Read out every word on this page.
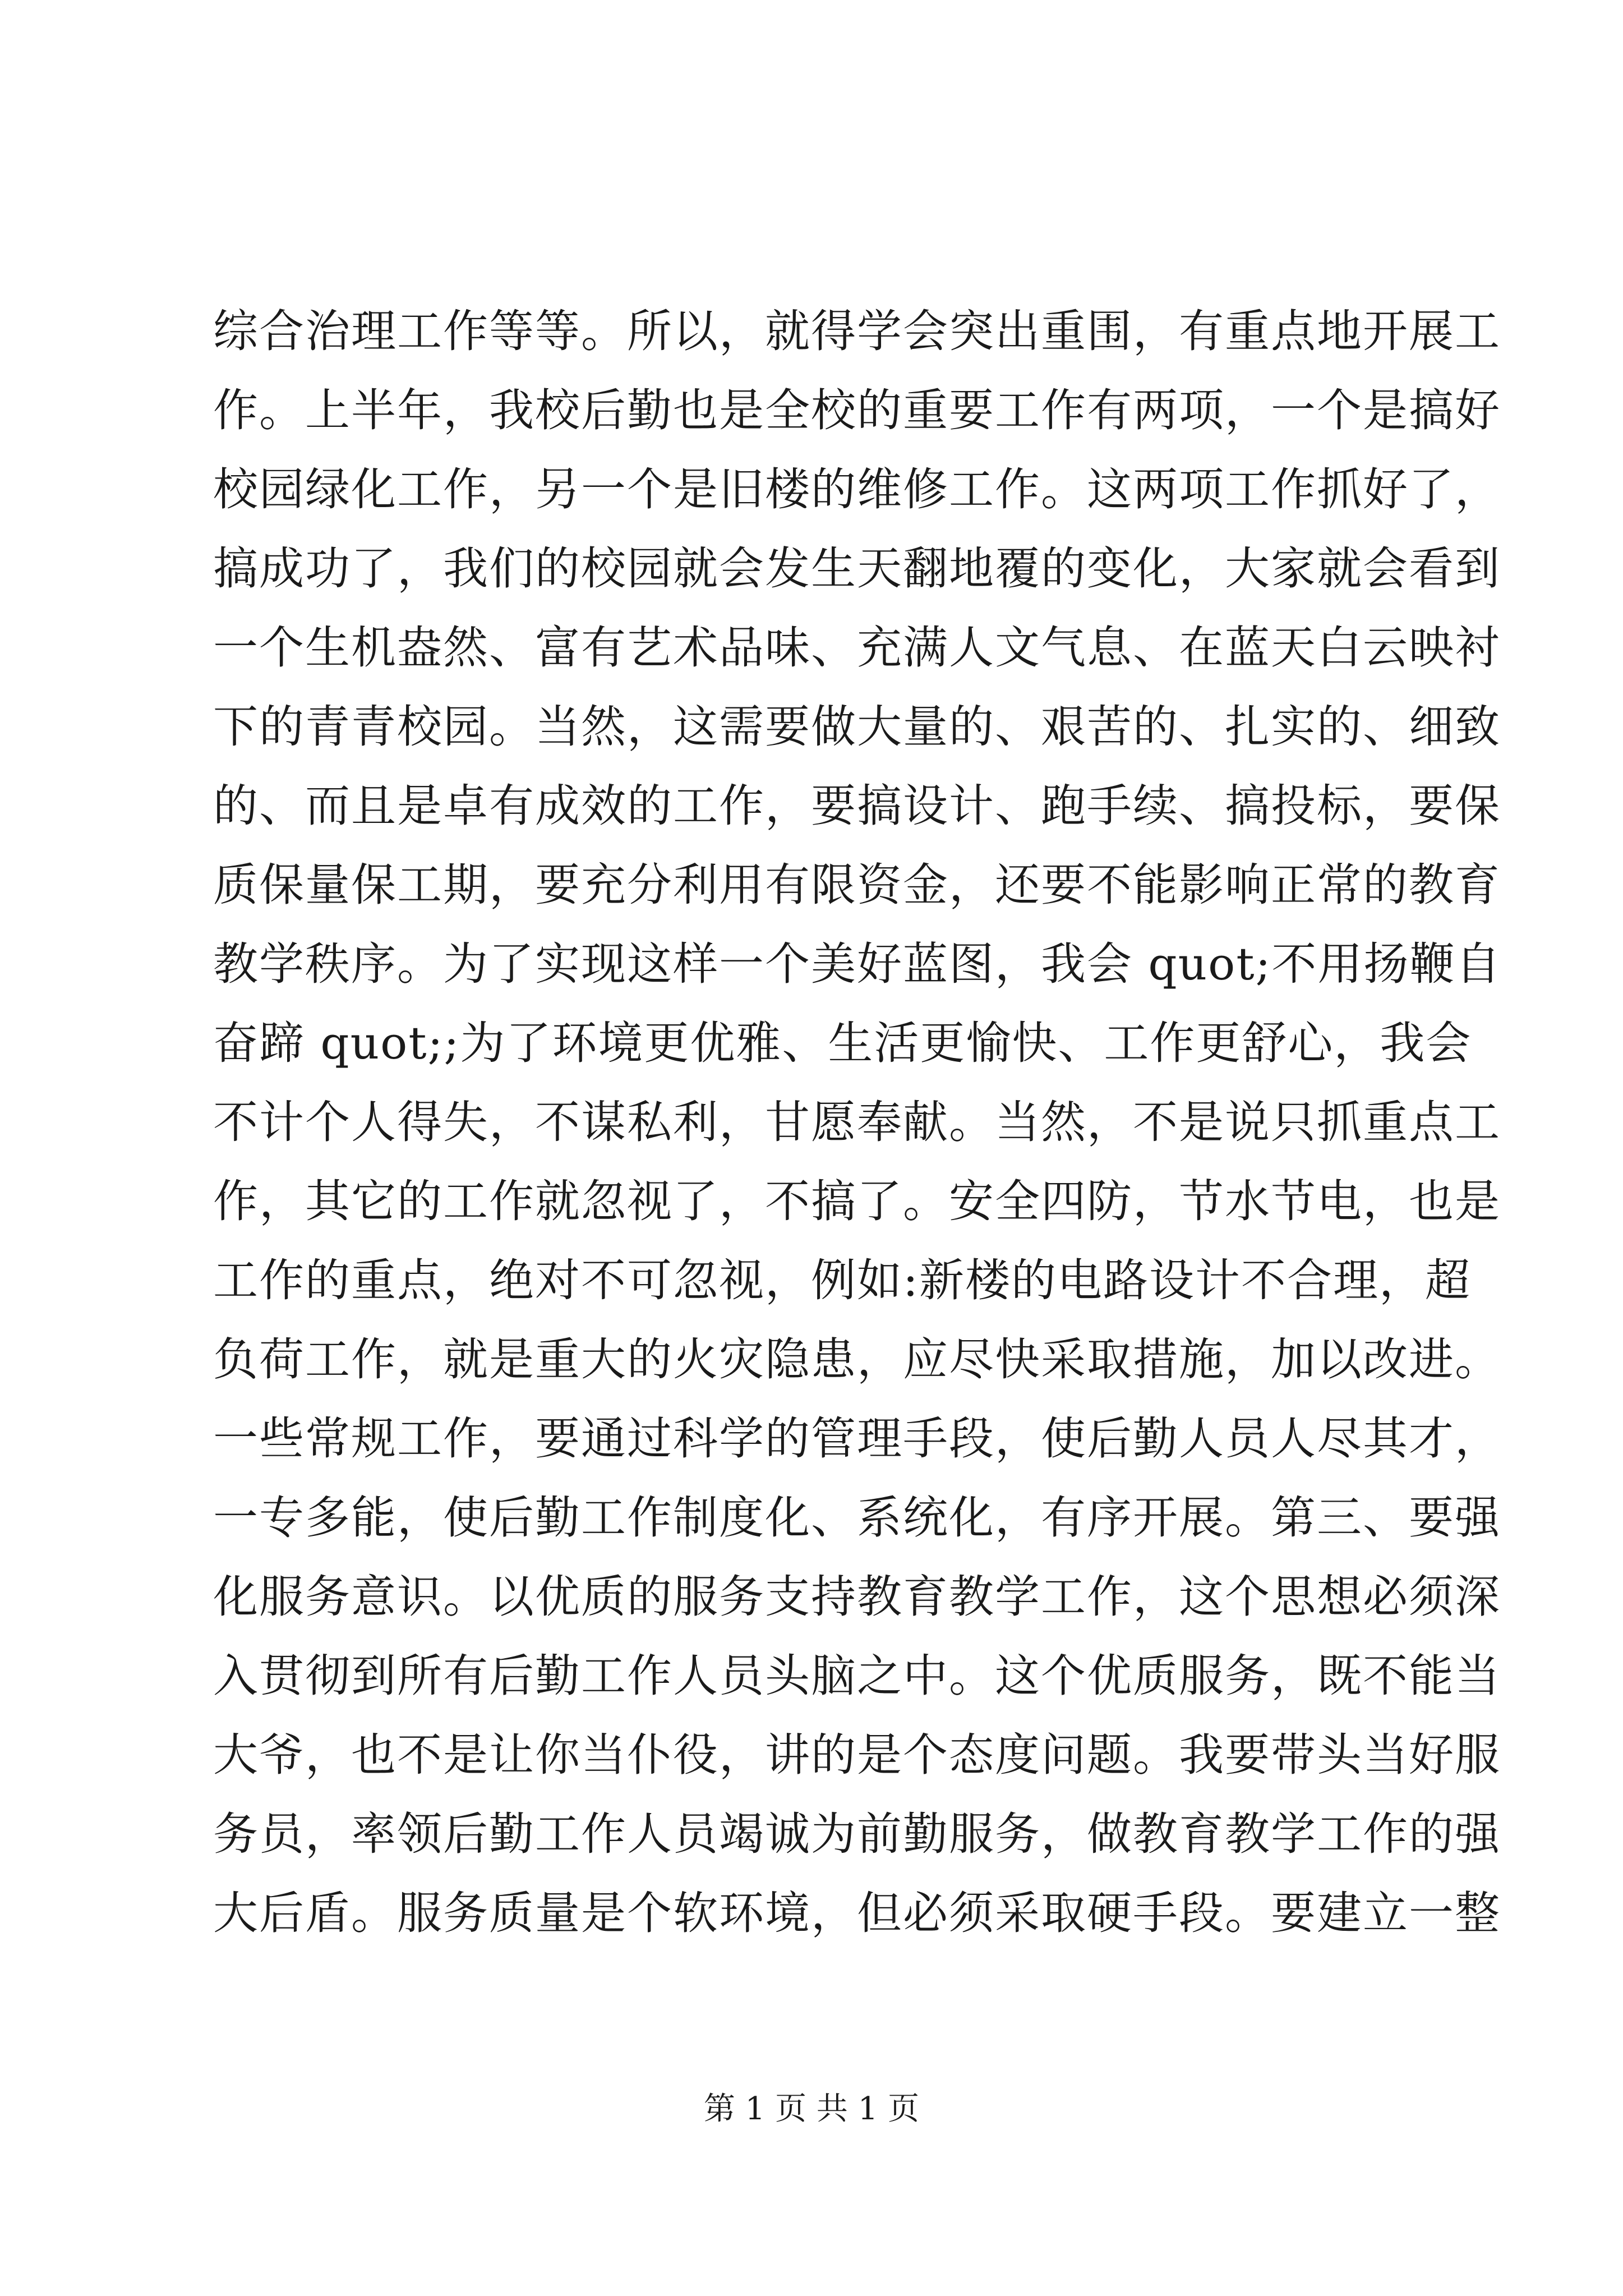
综合治理工作等等。所以，就得学会突出重围，有重点地开展工
作。上半年，我校后勤也是全校的重要工作有两项，一个是搞好
校园绿化工作，另一个是旧楼的维修工作。这两项工作抓好了，
搞成功了，我们的校园就会发生天翻地覆的变化，大家就会看到
一个生机盎然、富有艺术品味、充满人文气息、在蓝天白云映衬
下的青青校园。当然，这需要做大量的、艰苦的、扎实的、细致
的、而且是卓有成效的工作，要搞设计、跑手续、搞投标，要保
质保量保工期，要充分利用有限资金，还要不能影响正常的教育
教学秩序。为了实现这样一个美好蓝图，我会 quot;不用扬鞭自
奋蹄 quot;;为了环境更优雅、生活更愉快、工作更舒心，我会
不计个人得失，不谋私利，甘愿奉献。当然，不是说只抓重点工
作，其它的工作就忽视了，不搞了。安全四防，节水节电，也是
工作的重点，绝对不可忽视，例如:新楼的电路设计不合理，超
负荷工作，就是重大的火灾隐患，应尽快采取措施，加以改进。
一些常规工作，要通过科学的管理手段，使后勤人员人尽其才，
一专多能，使后勤工作制度化、系统化，有序开展。第三、要强
化服务意识。以优质的服务支持教育教学工作，这个思想必须深
入贯彻到所有后勤工作人员头脑之中。这个优质服务，既不能当
大爷，也不是让你当仆役，讲的是个态度问题。我要带头当好服
务员，率领后勤工作人员竭诚为前勤服务，做教育教学工作的强
大后盾。服务质量是个软环境，但必须采取硬手段。要建立一整
第 1 页 共 1 页
